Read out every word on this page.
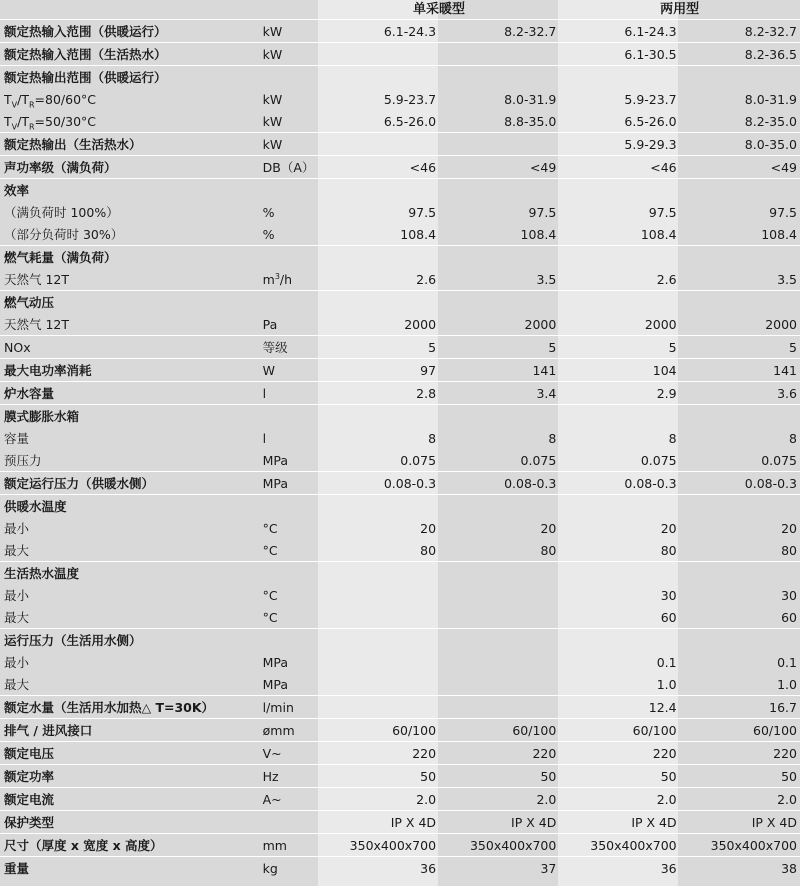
		单采暖型		两用型	
额定热输入范围（供暖运行）	kW	6.1-24.3	8.2-32.7	6.1-24.3	8.2-32.7
额定热输入范围（生活热水）	kW			6.1-30.5	8.2-36.5
额定热输出范围（供暖运行）					
$T_V/T_R=80/60^\circ C$	kW	5.9-23.7	8.0-31.9	5.9-23.7	8.0-31.9
$T_V/T_R=50/30^\circ C$	kW	6.5-26.0	8.8-35.0	6.5-26.0	8.2-35.0
额定热输出（生活热水）	kW			5.9-29.3	8.0-35.0
声功率级（满负荷）	DB（A）	<46	<49	<46	<49
效率					
（满负荷时 100%）	%	97.5	97.5	97.5	97.5
（部分负荷时 30%）	%	108.4	108.4	108.4	108.4
燃气耗量（满负荷）					
天然气 12T	$m^3/h$	2.6	3.5	2.6	3.5
燃气动压					
天然气 12T	Pa	2000	2000	2000	2000
NOx	等级	5	5	5	5
最大电功率消耗	W	97	141	104	141
炉水容量	l	2.8	3.4	2.9	3.6
膜式膨胀水箱					
容量	l	8	8	8	8
预压力	MPa	0.075	0.075	0.075	0.075
额定运行压力（供暖水侧）	MPa	0.08-0.3	0.08-0.3	0.08-0.3	0.08-0.3
供暖水温度					
最小	°C	20	20	20	20
最大	°C	80	80	80	80
生活热水温度					
最小	°C			30	30
最大	°C			60	60
运行压力（生活用水侧）					
最小	MPa			0.1	0.1
最大	MPa			1.0	1.0
额定水量（生活用水加热△ T=30K）	l/min			12.4	16.7
排气 / 进风接口	ømm	60/100	60/100	60/100	60/100
额定电压	V~	220	220	220	220
额定功率	Hz	50	50	50	50
额定电流	A~	2.0	2.0	2.0	2.0
保护类型		IP X 4D	IP X 4D	IP X 4D	IP X 4D
尺寸（厚度 x 宽度 x 高度）	mm	350x400x700	350x400x700	350x400x700	350x400x700
重量	kg	36	37	36	38
